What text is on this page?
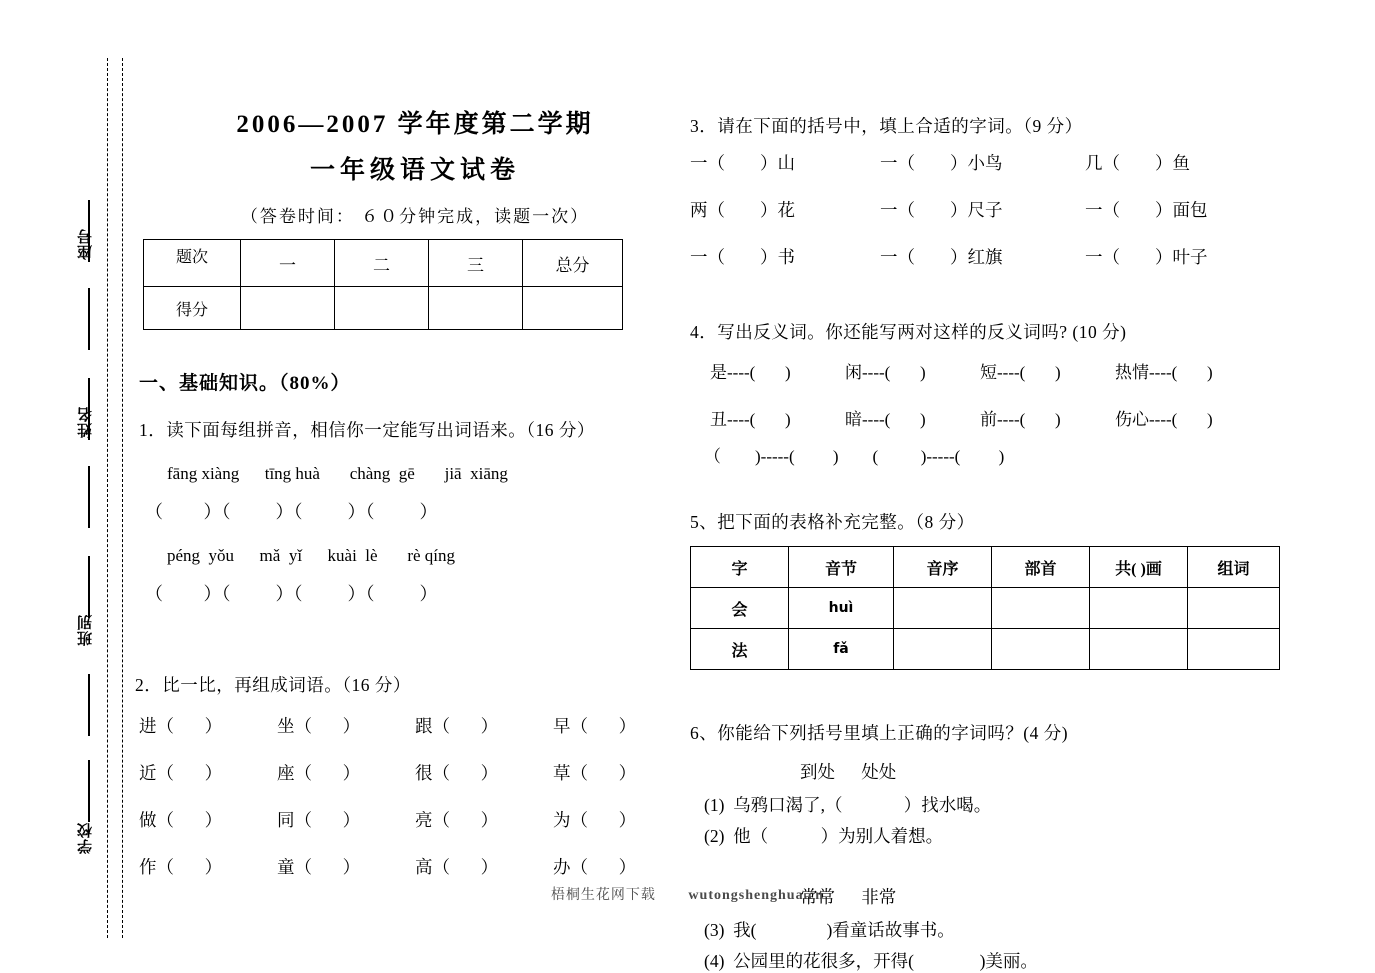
座号
姓名
班别
学校
2006—2007 学年度第二学期
一年级语文试卷
（答卷时间： ６０分钟完成，读题一次）
题次	一	二	三	总分
得分				
一、基础知识。（80%）
1．读下面每组拼音，相信你一定能写出词语来。（16 分）
fāng xiàng      tīng huà       chàng  gē       jiā  xiāng
（         ）（          ）（          ）（          ）
péng  yǒu      mǎ  yǐ      kuài  lè       rè qíng
（         ）（          ）（          ）（          ）
2．比一比，再组成词语。（16 分）
进（       ）	坐（       ）	跟（       ）	早（       ）
近（       ）	座（       ）	很（       ）	草（       ）
做（       ）	同（       ）	亮（       ）	为（       ）
作（       ）	童（       ）	高（       ）	办（       ）
3．请在下面的括号中，填上合适的字词。（9 分）
一（        ）山	一（        ）小鸟	几（        ）鱼
两（        ）花	一（        ）尺子	一（        ）面包
一（        ）书	一（        ）红旗	一（        ）叶子
4．写出反义词。你还能写两对这样的反义词吗? (10 分)
是----(       )	闲----(       )	短----(       )	热情----(       )
丑----(       )	暗----(       )	前----(       )	伤心----(       )
（        )-----(         )        (          )-----(         )
5、把下面的表格补充完整。（8 分）
字	音节	音序	部首	共( )画	组词
会	huì				
法	fǎ				
6、你能给下列括号里填上正确的字词吗？(4 分)
到处      处处
(1)  乌鸦口渴了,（              ）找水喝。
(2)  他（            ）为别人着想。
常常      非常
(3)  我(                )看童话故事书。
(4)  公园里的花很多，开得(               )美丽。
梧桐生花网下载 wutongshenghua.cn
